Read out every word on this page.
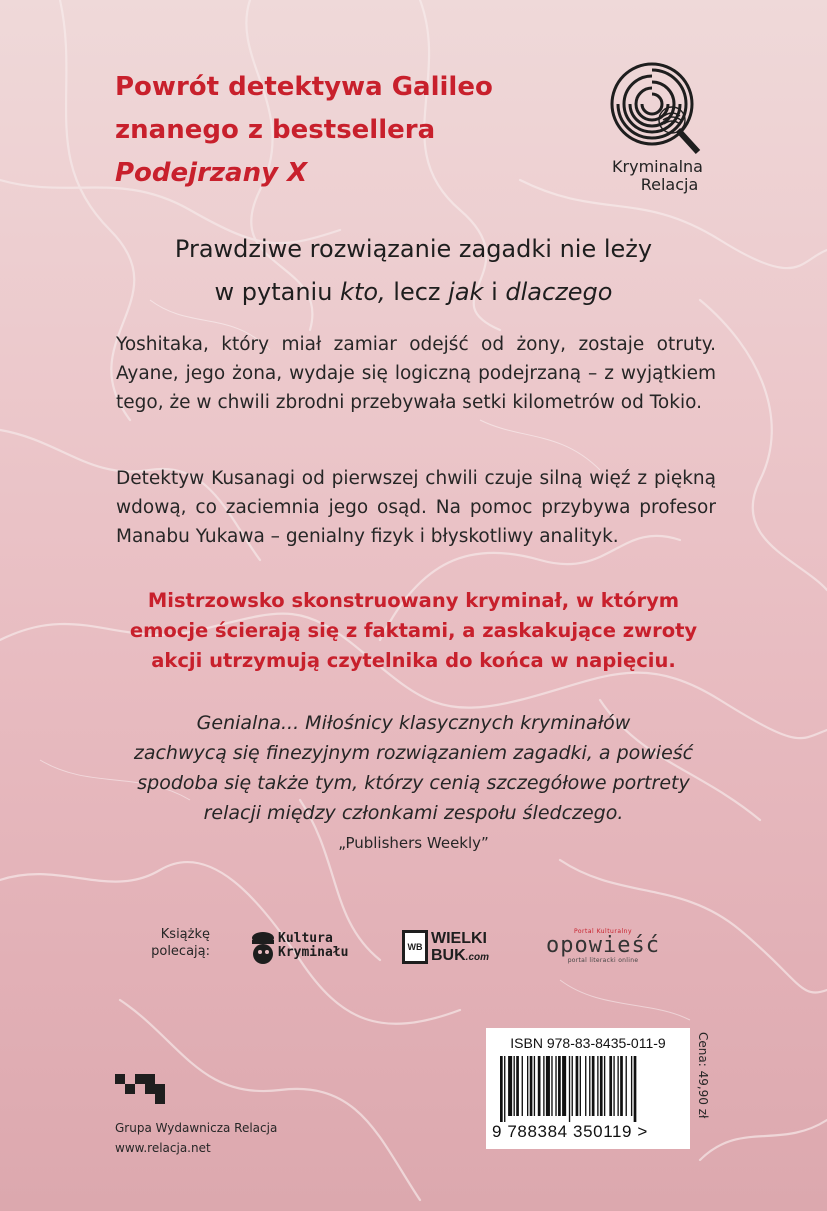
Powrót detektywa Galileo
znanego z bestsellera
Podejrzany X	Kryminalna
Relacja
Prawdziwe rozwiązanie zagadki nie leży
w pytaniu kto, lecz jak i dlaczego
Yoshitaka, który miał zamiar odejść od żony, zostaje otruty. Ayane, jego żona, wydaje się logiczną podejrzaną – z wyjątkiem tego, że w chwili zbrodni przebywała setki kilometrów od Tokio.
Detektyw Kusanagi od pierwszej chwili czuje silną więź z piękną wdową, co zaciemnia jego osąd. Na pomoc przybywa profesor Manabu Yukawa – genialny fizyk i błyskotliwy analityk.
Mistrzowsko skonstruowany kryminał, w którym
emocje ścierają się z faktami, a zaskakujące zwroty
akcji utrzymują czytelnika do końca w napięciu.
Genialna... Miłośnicy klasycznych kryminałów
zachwycą się finezyjnym rozwiązaniem zagadki, a powieść
spodoba się także tym, którzy cenią szczegółowe portrety
relacji między członkami zespołu śledczego.
„Publishers Weekly”
Książkę
polecają:
Kultura
Kryminału	WB WIELKI
BUK.com
Portal Kulturalny
opowieść
portal literacki online
Grupa Wydawnicza Relacja
www.relacja.net
ISBN 978-83-8435-011-9
9 788384 350119 >
Cena: 49,90 zł
